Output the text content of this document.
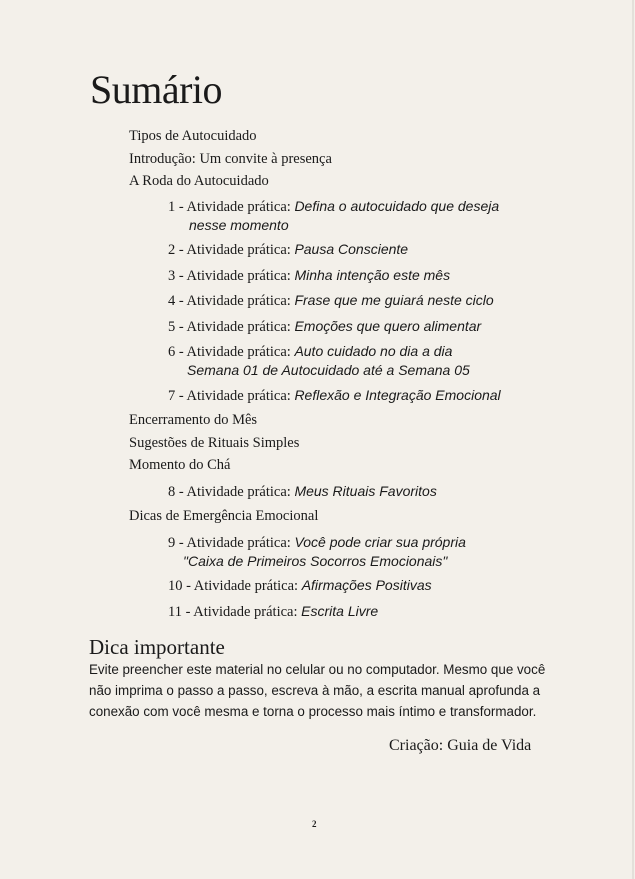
Sumário
Tipos de Autocuidado
Introdução: Um convite à presença
A Roda do Autocuidado
1 - Atividade prática: Defina o autocuidado que deseja
nesse momento
2 - Atividade prática: Pausa Consciente
3 - Atividade prática: Minha intenção este mês
4 - Atividade prática: Frase que me guiará neste ciclo
5 - Atividade prática: Emoções que quero alimentar
6 - Atividade prática: Auto cuidado no dia a dia
Semana 01 de Autocuidado até a Semana 05
7 - Atividade prática: Reflexão e Integração Emocional
Encerramento do Mês
Sugestões de Rituais Simples
Momento do Chá
8 - Atividade prática: Meus Rituais Favoritos
Dicas de Emergência Emocional
9 - Atividade prática: Você pode criar sua própria
"Caixa de Primeiros Socorros Emocionais"
10 - Atividade prática: Afirmações Positivas
11 - Atividade prática: Escrita Livre
Dica importante

Evite preencher este material no celular ou no computador. Mesmo que você não imprima o passo a passo, escreva à mão, a escrita manual aprofunda a conexão com você mesma e torna o processo mais íntimo e transformador.

Criação: Guia de Vida
2
